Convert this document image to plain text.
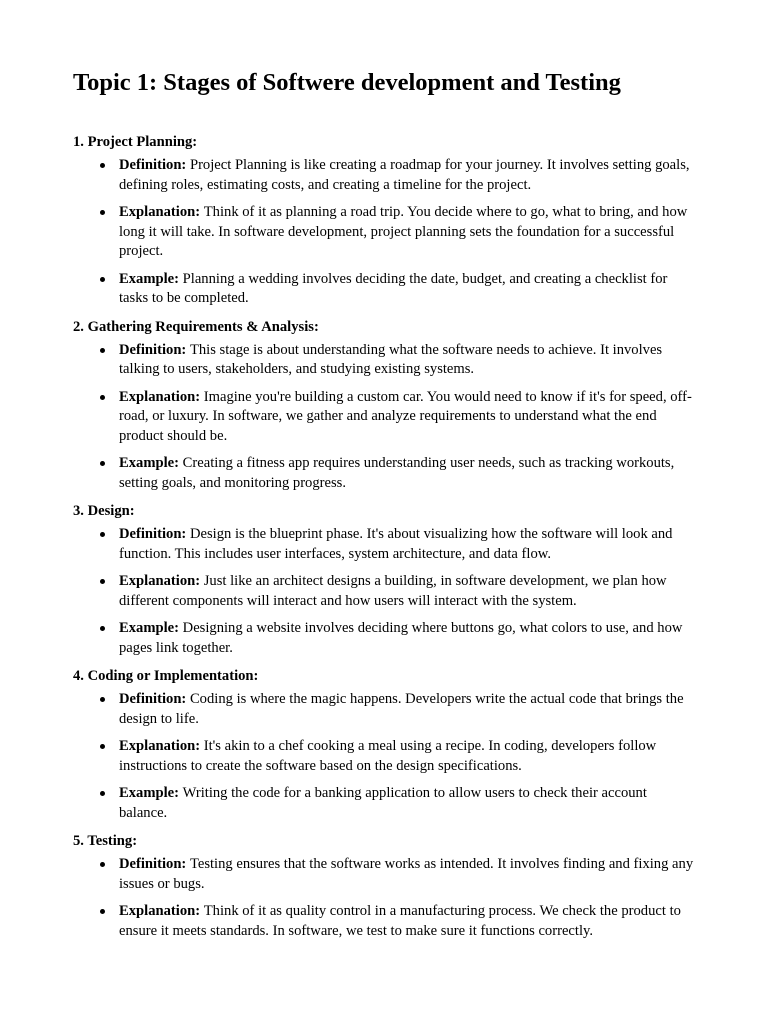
Topic 1: Stages of Softwere development and Testing
1. Project Planning:
Definition: Project Planning is like creating a roadmap for your journey. It involves setting goals, defining roles, estimating costs, and creating a timeline for the project.
Explanation: Think of it as planning a road trip. You decide where to go, what to bring, and how long it will take. In software development, project planning sets the foundation for a successful project.
Example: Planning a wedding involves deciding the date, budget, and creating a checklist for tasks to be completed.
2. Gathering Requirements & Analysis:
Definition: This stage is about understanding what the software needs to achieve. It involves talking to users, stakeholders, and studying existing systems.
Explanation: Imagine you're building a custom car. You would need to know if it's for speed, off-road, or luxury. In software, we gather and analyze requirements to understand what the end product should be.
Example: Creating a fitness app requires understanding user needs, such as tracking workouts, setting goals, and monitoring progress.
3. Design:
Definition: Design is the blueprint phase. It's about visualizing how the software will look and function. This includes user interfaces, system architecture, and data flow.
Explanation: Just like an architect designs a building, in software development, we plan how different components will interact and how users will interact with the system.
Example: Designing a website involves deciding where buttons go, what colors to use, and how pages link together.
4. Coding or Implementation:
Definition: Coding is where the magic happens. Developers write the actual code that brings the design to life.
Explanation: It's akin to a chef cooking a meal using a recipe. In coding, developers follow instructions to create the software based on the design specifications.
Example: Writing the code for a banking application to allow users to check their account balance.
5. Testing:
Definition: Testing ensures that the software works as intended. It involves finding and fixing any issues or bugs.
Explanation: Think of it as quality control in a manufacturing process. We check the product to ensure it meets standards. In software, we test to make sure it functions correctly.
